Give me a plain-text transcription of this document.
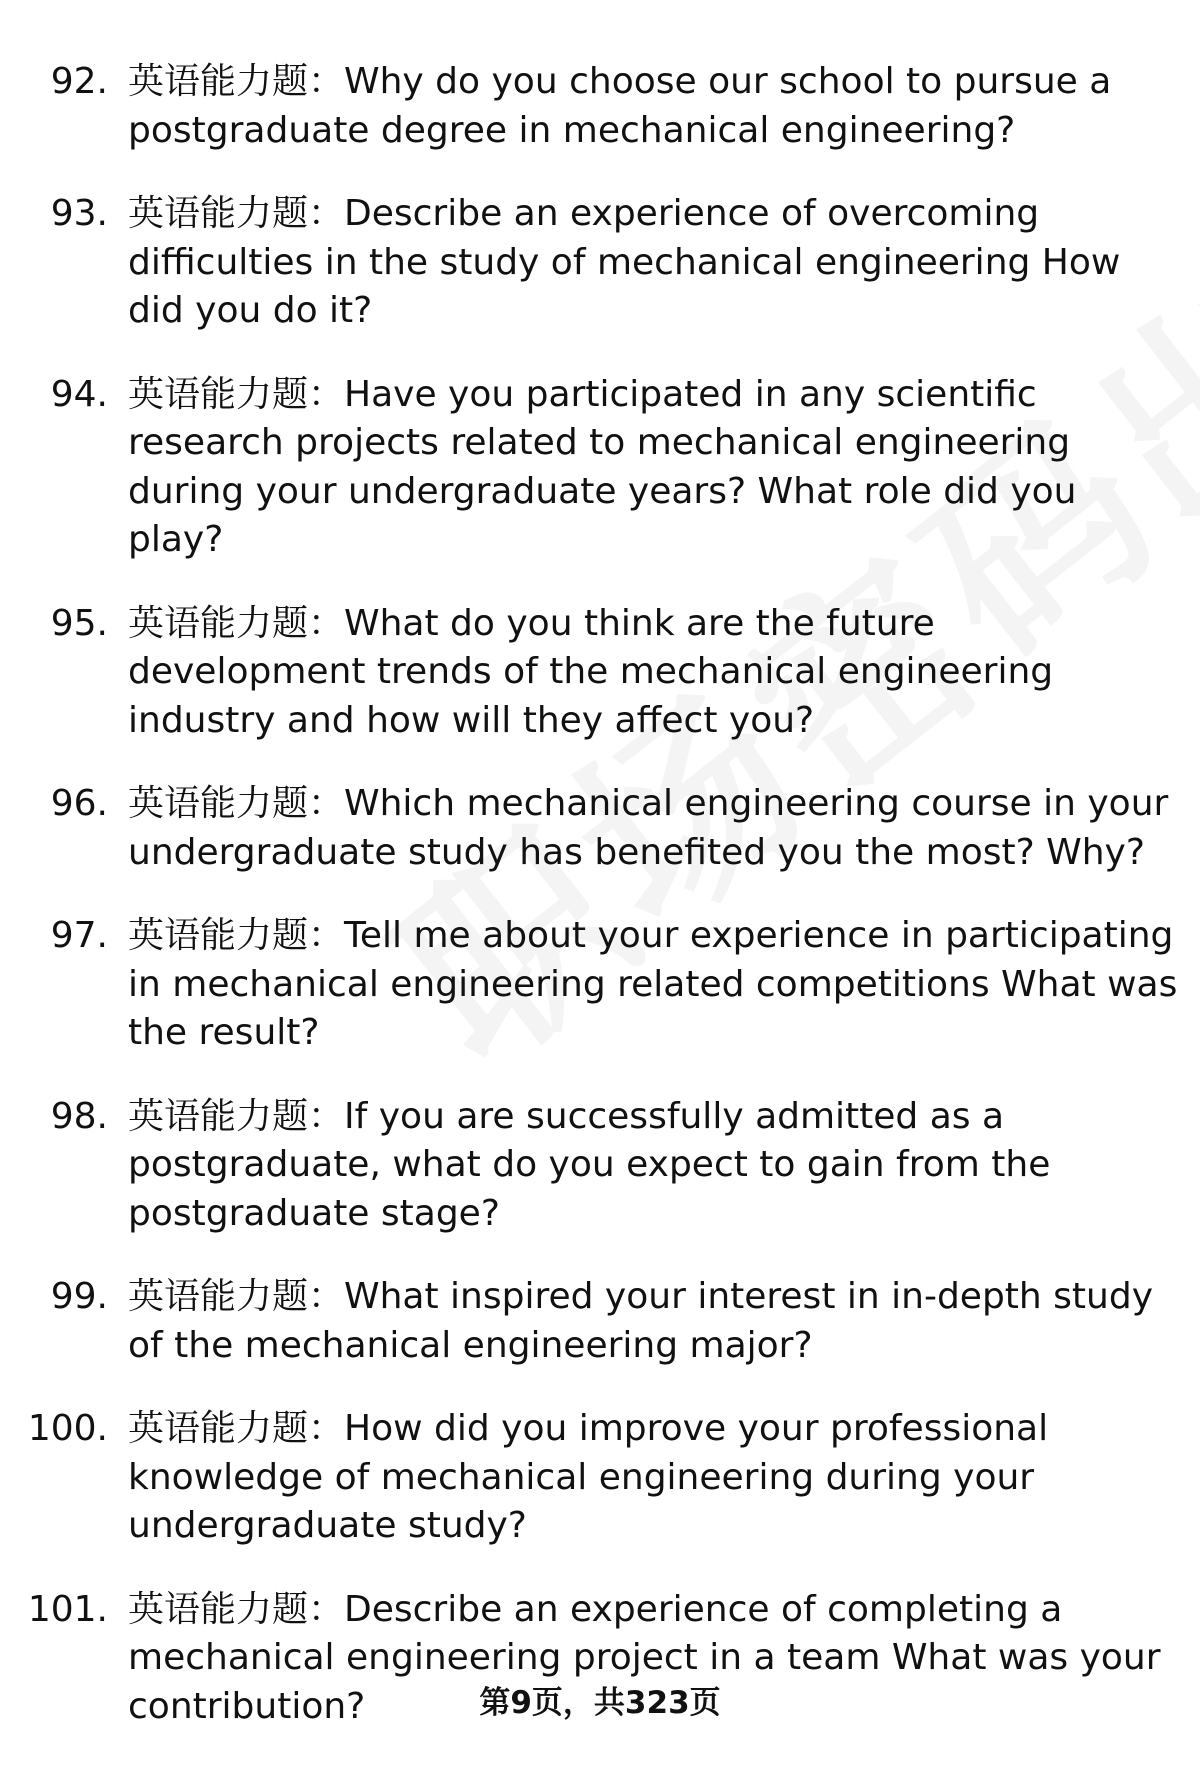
92. 英语能力题：Why do you choose our school to pursue a postgraduate degree in mechanical engineering?
93. 英语能力题：Describe an experience of overcoming difficulties in the study of mechanical engineering How did you do it?
94. 英语能力题：Have you participated in any scientific research projects related to mechanical engineering during your undergraduate years? What role did you play?
95. 英语能力题：What do you think are the future development trends of the mechanical engineering industry and how will they affect you?
96. 英语能力题：Which mechanical engineering course in your undergraduate study has benefited you the most? Why?
97. 英语能力题：Tell me about your experience in participating in mechanical engineering related competitions What was the result?
98. 英语能力题：If you are successfully admitted as a postgraduate, what do you expect to gain from the postgraduate stage?
99. 英语能力题：What inspired your interest in in-depth study of the mechanical engineering major?
100. 英语能力题：How did you improve your professional knowledge of mechanical engineering during your undergraduate study?
101. 英语能力题：Describe an experience of completing a mechanical engineering project in a team What was your contribution?	第9页，共323页
